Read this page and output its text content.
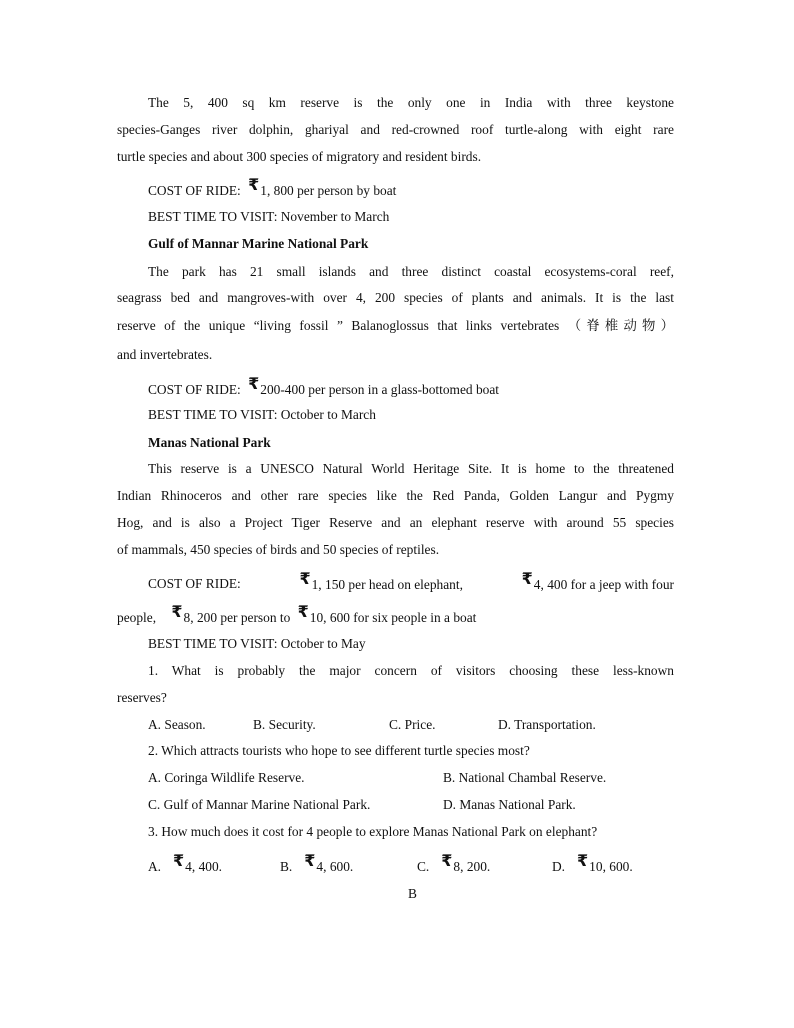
The 5, 400 sq km reserve is the only one in India with three keystone
species-Ganges river dolphin, ghariyal and red-crowned roof turtle-along with eight rare
turtle species and about 300 species of migratory and resident birds.
COST OF RIDE: ₹1, 800 per person by boat
BEST TIME TO VISIT: November to March
Gulf of Mannar Marine National Park
The park has 21 small islands and three distinct coastal ecosystems-coral reef,
seagrass bed and mangroves-with over 4, 200 species of plants and animals. It is the last
reserve of the unique “living fossil ” Balanoglossus that links vertebrates （脊椎动物）
and invertebrates.
COST OF RIDE: ₹200-400 per person in a glass-bottomed boat
BEST TIME TO VISIT: October to March
Manas National Park
This reserve is a UNESCO Natural World Heritage Site. It is home to the threatened
Indian Rhinoceros and other rare species like the Red Panda, Golden Langur and Pygmy
Hog, and is also a Project Tiger Reserve and an elephant reserve with around 55 species
of mammals, 450 species of birds and 50 species of reptiles.
COST OF RIDE:	₹1, 150 per head on elephant,	₹4, 400 for a jeep with four
people, ₹8, 200 per person to ₹10, 600 for six people in a boat
BEST TIME TO VISIT: October to May
1. What is probably the major concern of visitors choosing these less-known
reserves?
A. Season.	B. Security.	C. Price.	D. Transportation.
2. Which attracts tourists who hope to see different turtle species most?
A. Coringa Wildlife Reserve.	B. National Chambal Reserve.
C. Gulf of Mannar Marine National Park.	D. Manas National Park.
3. How much does it cost for 4 people to explore Manas National Park on elephant?
A. ₹4, 400.	B. ₹4, 600.	C. ₹8, 200.	D. ₹10, 600.
B
